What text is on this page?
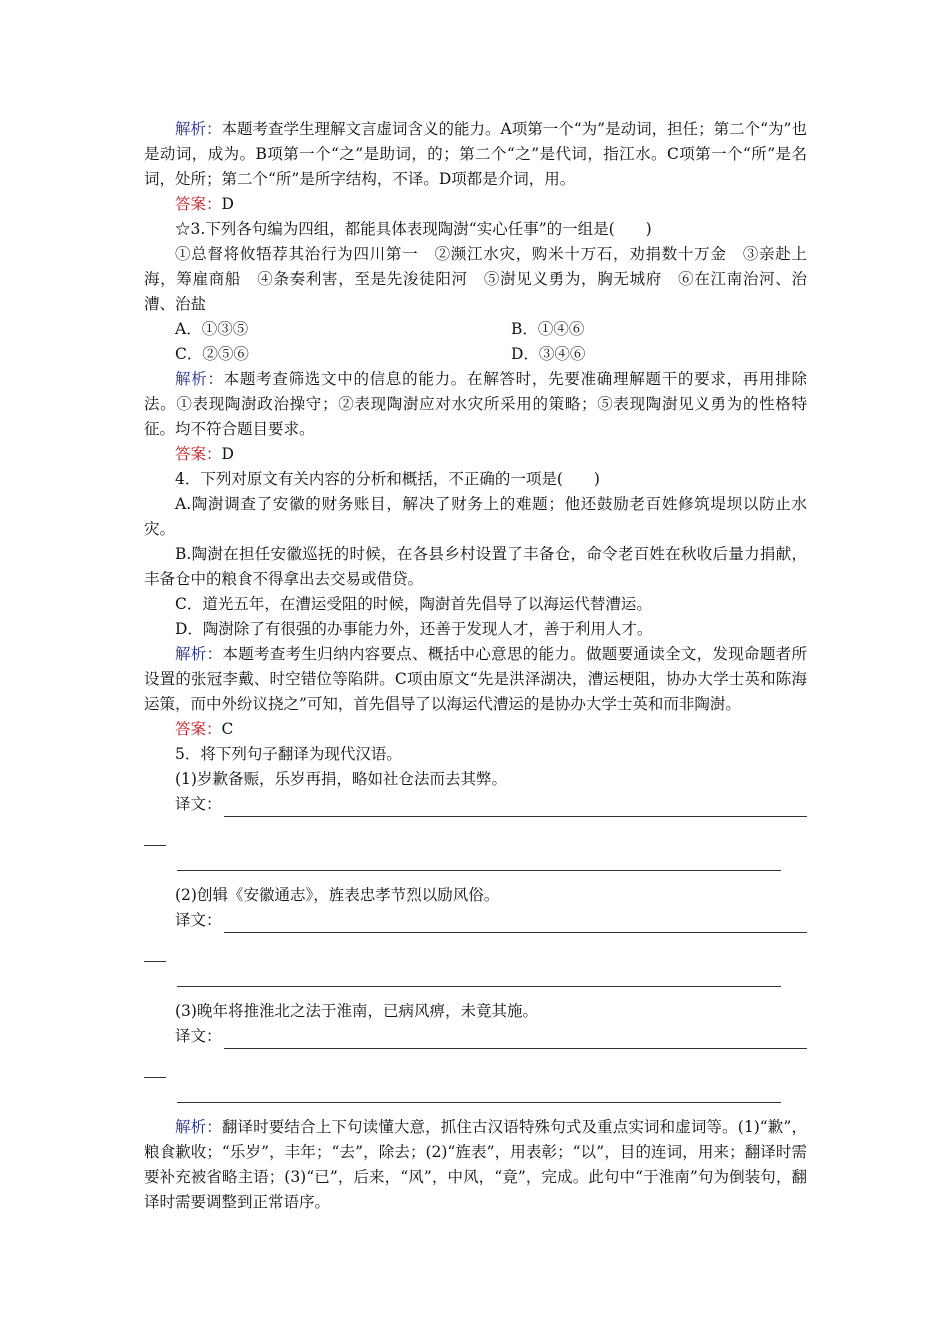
解析：本题考查学生理解文言虚词含义的能力。A项第一个“为”是动词，担任；第二个“为”也是动词，成为。B项第一个“之”是助词，的；第二个“之”是代词，指江水。C项第一个“所”是名词，处所；第二个“所”是所字结构，不译。D项都是介词，用。

答案：D

☆3.下列各句编为四组，都能具体表现陶澍“实心任事”的一组是(　　)

①总督将攸牾荐其治行为四川第一　②濒江水灾，购米十万石，劝捐数十万金　③亲赴上海，筹雇商船　④条奏利害，至是先浚徒阳河　⑤澍见义勇为，胸无城府　⑥在江南治河、治漕、治盐

A．①③⑤	B．①④⑥
C．②⑤⑥	D．③④⑥

解析：本题考查筛选文中的信息的能力。在解答时，先要准确理解题干的要求，再用排除法。①表现陶澍政治操守；②表现陶澍应对水灾所采用的策略；⑤表现陶澍见义勇为的性格特征。均不符合题目要求。

答案：D

4．下列对原文有关内容的分析和概括，不正确的一项是(　　)

A.陶澍调查了安徽的财务账目，解决了财务上的难题；他还鼓励老百姓修筑堤坝以防止水灾。

B.陶澍在担任安徽巡抚的时候，在各县乡村设置了丰备仓，命令老百姓在秋收后量力捐献，丰备仓中的粮食不得拿出去交易或借贷。

C．道光五年，在漕运受阻的时候，陶澍首先倡导了以海运代替漕运。

D．陶澍除了有很强的办事能力外，还善于发现人才，善于利用人才。

解析：本题考查考生归纳内容要点、概括中心意思的能力。做题要通读全文，发现命题者所设置的张冠李戴、时空错位等陷阱。C项由原文“先是洪泽湖决，漕运梗阻，协办大学士英和陈海运策，而中外纷议挠之”可知，首先倡导了以海运代漕运的是协办大学士英和而非陶澍。

答案：C

5．将下列句子翻译为现代汉语。

(1)岁歉备赈，乐岁再捐，略如社仓法而去其弊。

译文：

(2)创辑《安徽通志》，旌表忠孝节烈以励风俗。

译文：

(3)晚年将推淮北之法于淮南，已病风痹，未竟其施。

译文：

解析：翻译时要结合上下句读懂大意，抓住古汉语特殊句式及重点实词和虚词等。(1)“歉”，粮食歉收；“乐岁”，丰年；“去”，除去；(2)“旌表”，用表彰；“以”，目的连词，用来；翻译时需要补充被省略主语；(3)“已”，后来，“风”，中风，“竟”，完成。此句中“于淮南”句为倒装句，翻译时需要调整到正常语序。
